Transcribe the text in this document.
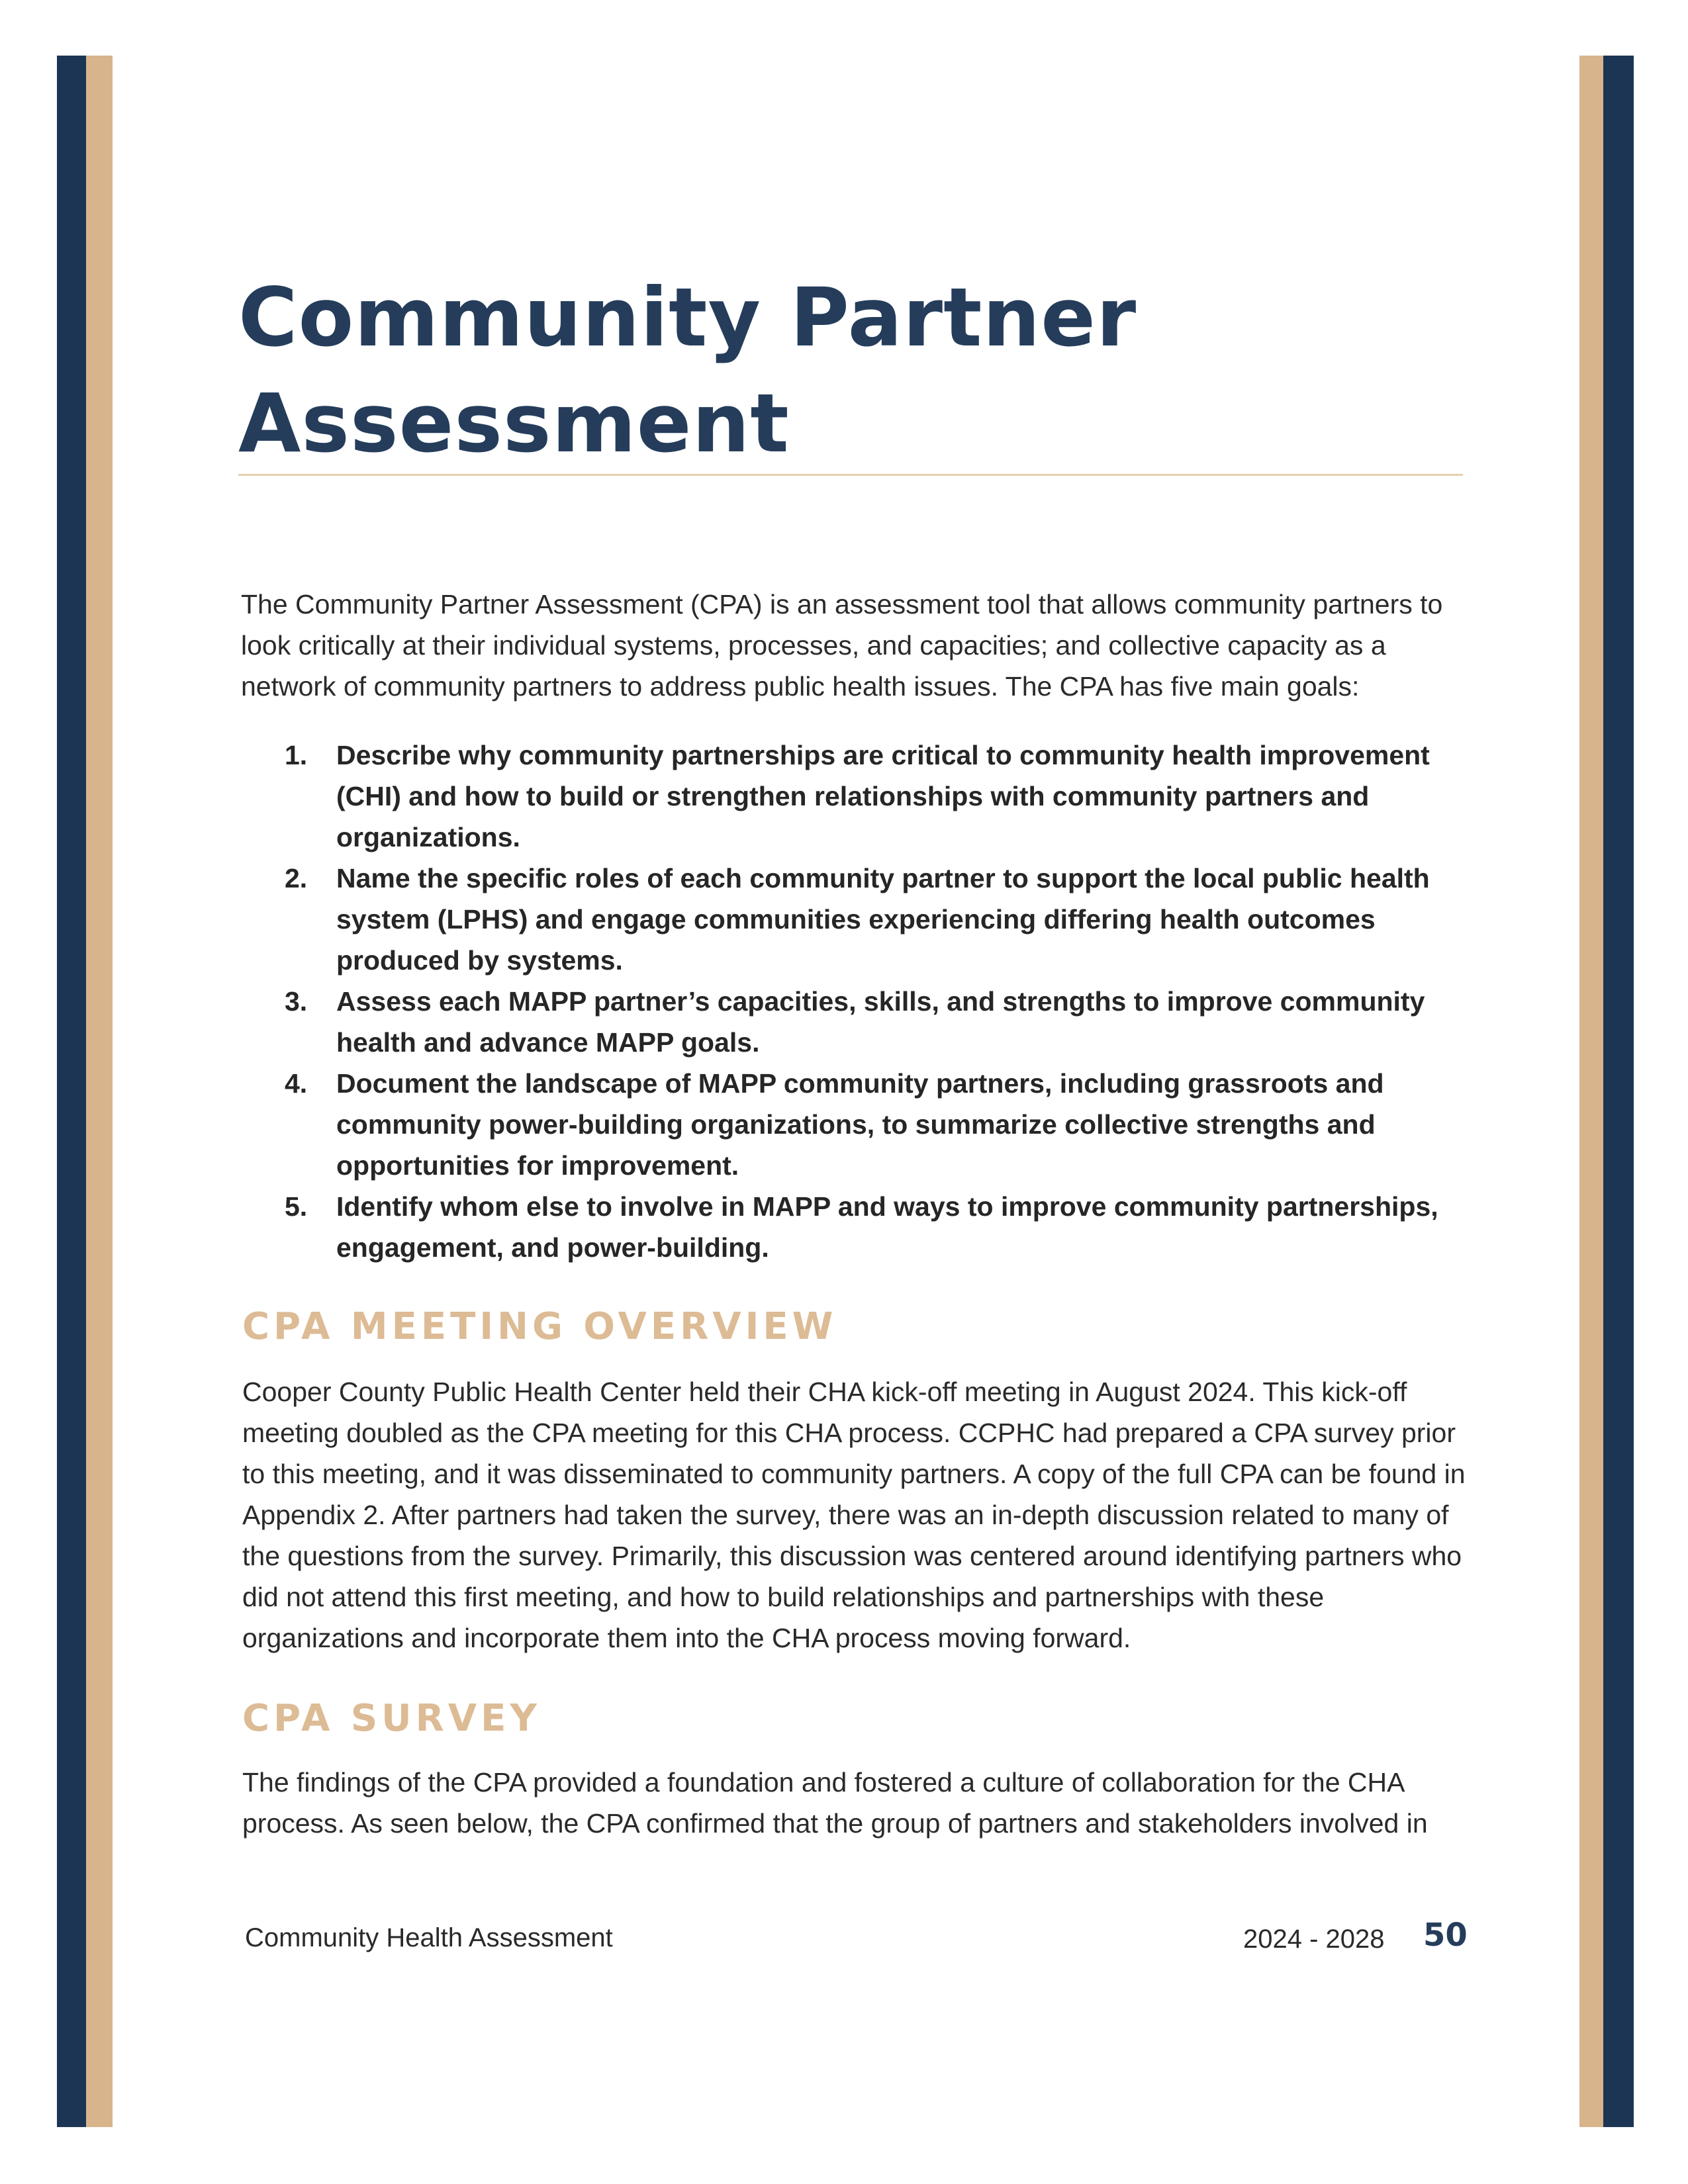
Community Partner
Assessment

The Community Partner Assessment (CPA) is an assessment tool that allows community partners to look critically at their individual systems, processes, and capacities; and collective capacity as a network of community partners to address public health issues. The CPA has five main goals:

1. Describe why community partnerships are critical to community health improvement (CHI) and how to build or strengthen relationships with community partners and organizations.
2. Name the specific roles of each community partner to support the local public health system (LPHS) and engage communities experiencing differing health outcomes produced by systems.
3. Assess each MAPP partner’s capacities, skills, and strengths to improve community health and advance MAPP goals.
4. Document the landscape of MAPP community partners, including grassroots and community power-building organizations, to summarize collective strengths and opportunities for improvement.
5. Identify whom else to involve in MAPP and ways to improve community partnerships, engagement, and power-building.
CPA MEETING OVERVIEW

Cooper County Public Health Center held their CHA kick-off meeting in August 2024. This kick-off meeting doubled as the CPA meeting for this CHA process. CCPHC had prepared a CPA survey prior to this meeting, and it was disseminated to community partners. A copy of the full CPA can be found in Appendix 2. After partners had taken the survey, there was an in-depth discussion related to many of the questions from the survey. Primarily, this discussion was centered around identifying partners who did not attend this first meeting, and how to build relationships and partnerships with these organizations and incorporate them into the CHA process moving forward.

CPA SURVEY

The findings of the CPA provided a foundation and fostered a culture of collaboration for the CHA process. As seen below, the CPA confirmed that the group of partners and stakeholders involved in

Community Health Assessment	2024 - 2028 50
